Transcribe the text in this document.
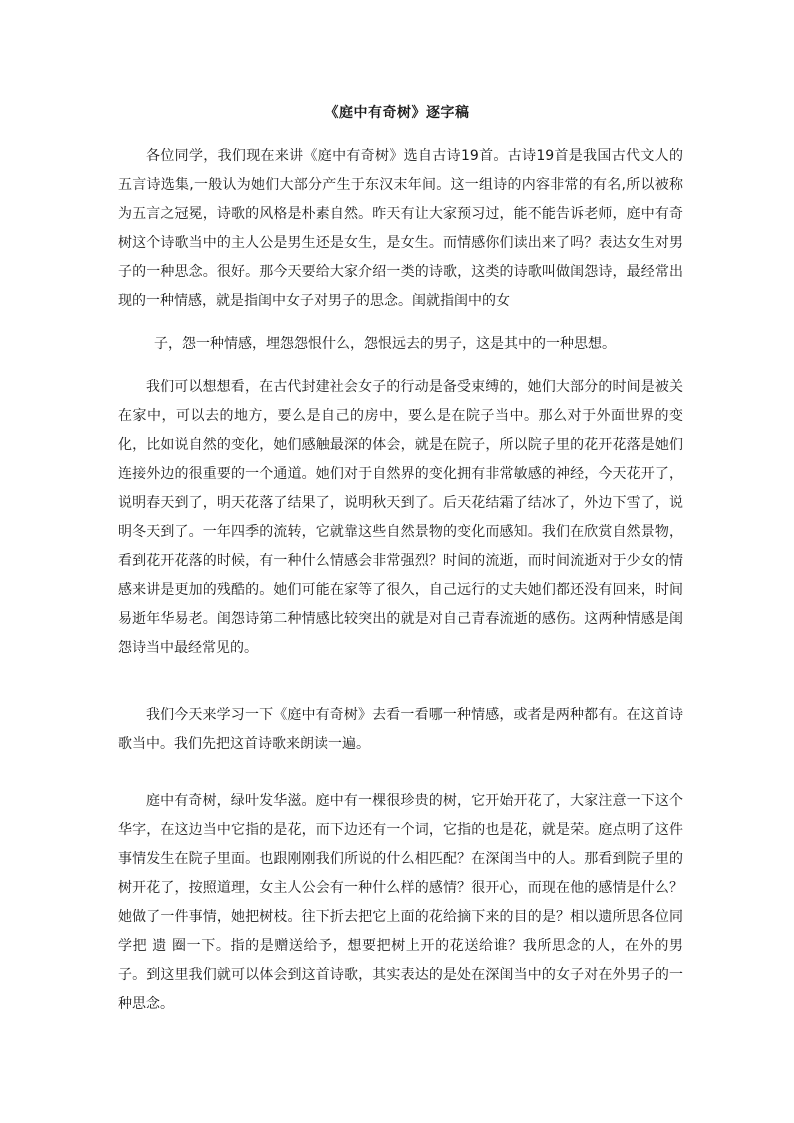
《庭中有奇树》逐字稿

各位同学，我们现在来讲《庭中有奇树》选自古诗19首。古诗19首是我国古代文人的五言诗选集,一般认为她们大部分产生于东汉末年间。这一组诗的内容非常的有名,所以被称为五言之冠冕，诗歌的风格是朴素自然。昨天有让大家预习过，能不能告诉老师，庭中有奇树这个诗歌当中的主人公是男生还是女生，是女生。而情感你们读出来了吗？表达女生对男子的一种思念。很好。那今天要给大家介绍一类的诗歌，这类的诗歌叫做闺怨诗，最经常出现的一种情感，就是指闺中女子对男子的思念。闺就指闺中的女

子，怨一种情感，埋怨怨恨什么，怨恨远去的男子，这是其中的一种思想。

我们可以想想看，在古代封建社会女子的行动是备受束缚的，她们大部分的时间是被关在家中，可以去的地方，要么是自己的房中，要么是在院子当中。那么对于外面世界的变化，比如说自然的变化，她们感触最深的体会，就是在院子，所以院子里的花开花落是她们连接外边的很重要的一个通道。她们对于自然界的变化拥有非常敏感的神经，今天花开了，说明春天到了，明天花落了结果了，说明秋天到了。后天花结霜了结冰了，外边下雪了，说明冬天到了。一年四季的流转，它就靠这些自然景物的变化而感知。我们在欣赏自然景物，看到花开花落的时候，有一种什么情感会非常强烈？时间的流逝，而时间流逝对于少女的情感来讲是更加的残酷的。她们可能在家等了很久，自己远行的丈夫她们都还没有回来，时间易逝年华易老。闺怨诗第二种情感比较突出的就是对自己青春流逝的感伤。这两种情感是闺怨诗当中最经常见的。

我们今天来学习一下《庭中有奇树》去看一看哪一种情感，或者是两种都有。在这首诗歌当中。我们先把这首诗歌来朗读一遍。

庭中有奇树，绿叶发华滋。庭中有一棵很珍贵的树，它开始开花了，大家注意一下这个华字，在这边当中它指的是花，而下边还有一个词，它指的也是花，就是荣。庭点明了这件事情发生在院子里面。也跟刚刚我们所说的什么相匹配？在深闺当中的人。那看到院子里的树开花了，按照道理，女主人公会有一种什么样的感情？很开心，而现在他的感情是什么？她做了一件事情，她把树枝。往下折去把它上面的花给摘下来的目的是？相以遗所思各位同学把 遗 圈一下。指的是赠送给予，想要把树上开的花送给谁？我所思念的人，在外的男子。到这里我们就可以体会到这首诗歌，其实表达的是处在深闺当中的女子对在外男子的一种思念。
